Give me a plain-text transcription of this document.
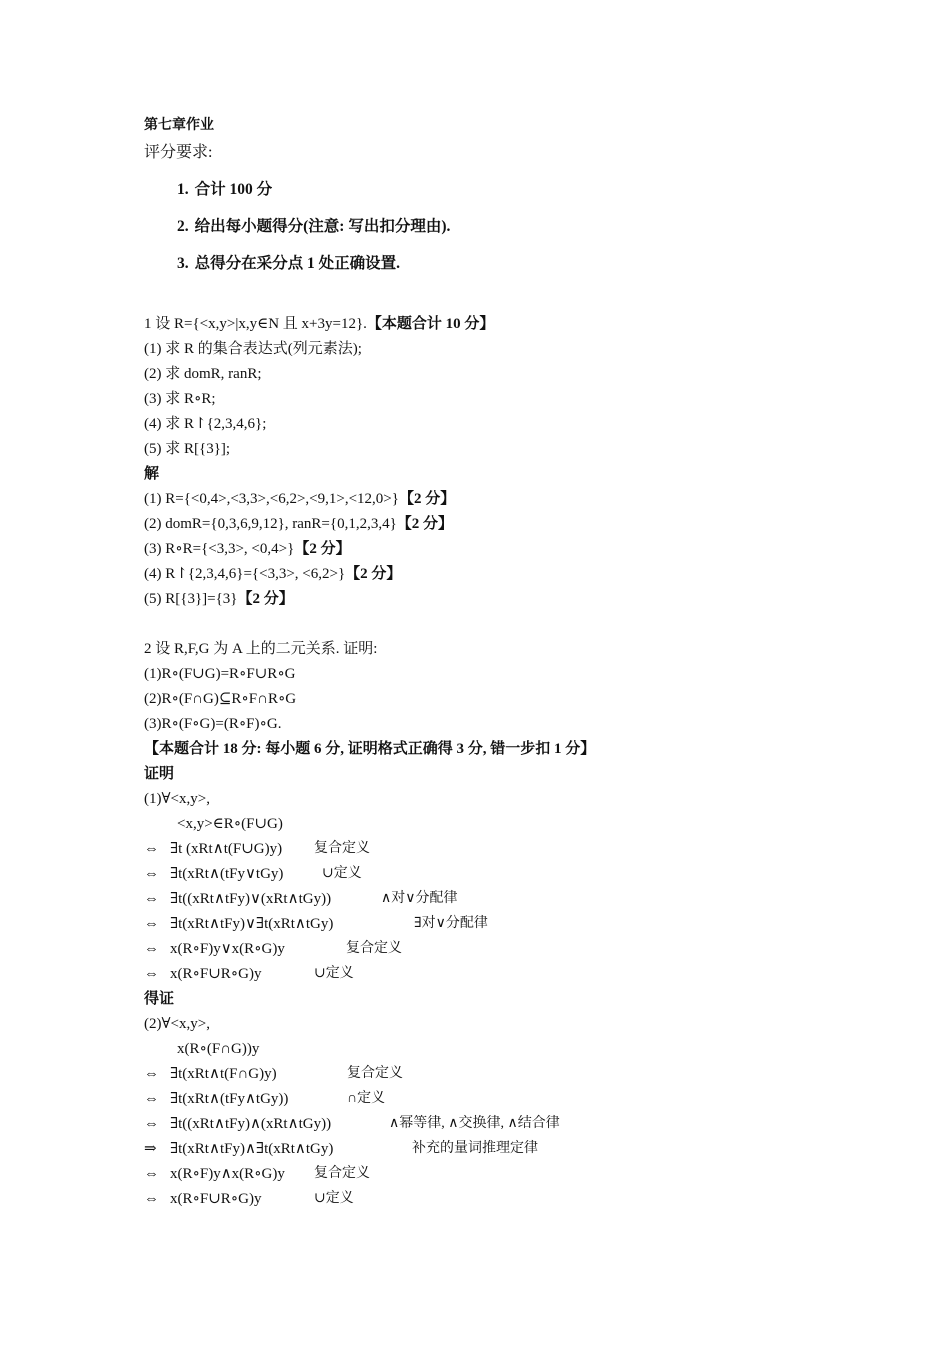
第七章作业
评分要求:
1. 合计 100 分
2. 给出每小题得分(注意: 写出扣分理由).
3. 总得分在采分点 1 处正确设置.
1 设 R={<x,y>|x,y∈N 且 x+3y=12}.【本题合计 10 分】
(1) 求 R 的集合表达式(列元素法);
(2) 求 domR, ranR;
(3) 求 R∘R;
(4) 求 R↾{2,3,4,6};
(5) 求 R[{3}];
解
(1) R={<0,4>,<3,3>,<6,2>,<9,1>,<12,0>}【2 分】
(2) domR={0,3,6,9,12}, ranR={0,1,2,3,4}【2 分】
(3) R∘R={<3,3>, <0,4>}【2 分】
(4) R↾{2,3,4,6}={<3,3>, <6,2>}【2 分】
(5) R[{3}]={3}【2 分】
2 设 R,F,G 为 A 上的二元关系. 证明:
(1)R∘(F∪G)=R∘F∪R∘G
(2)R∘(F∩G)⊆R∘F∩R∘G
(3)R∘(F∘G)=(R∘F)∘G.
【本题合计 18 分: 每小题 6 分, 证明格式正确得 3 分, 错一步扣 1 分】
证明
(1)∀<x,y>,
<x,y>∈R∘(F∪G)
⇔ ∃t (xRt∧t(F∪G)y) 复合定义
⇔ ∃t(xRt∧(tFy∨tGy)	∪定义
⇔ ∃t((xRt∧tFy)∨(xRt∧tGy))	∧对∨分配律
⇔ ∃t(xRt∧tFy)∨∃t(xRt∧tGy)	∃对∨分配律
⇔ x(R∘F)y∨x(R∘G)y	复合定义
⇔ x(R∘F∪R∘G)y	∪定义
得证
(2)∀<x,y>,
x(R∘(F∩G))y
⇔ ∃t(xRt∧t(F∩G)y)	复合定义
⇔ ∃t(xRt∧(tFy∧tGy))	∩定义
⇔ ∃t((xRt∧tFy)∧(xRt∧tGy))	∧幂等律, ∧交换律, ∧结合律
⇒ ∃t(xRt∧tFy)∧∃t(xRt∧tGy)	补充的量词推理定律
⇔ x(R∘F)y∧x(R∘G)y 复合定义
⇔ x(R∘F∪R∘G)y	∪定义
